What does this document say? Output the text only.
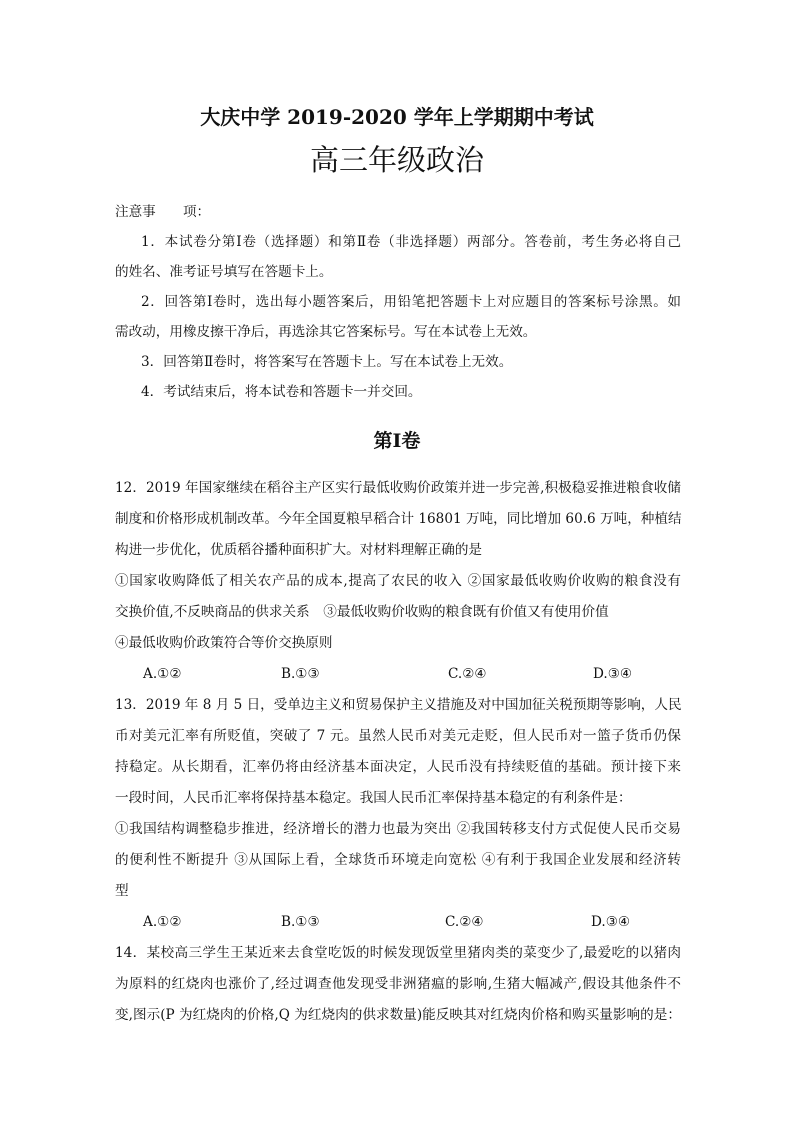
大庆中学 2019-2020 学年上学期期中考试
高三年级政治
注意事　　项：
1．本试卷分第Ⅰ卷（选择题）和第Ⅱ卷（非选择题）两部分。答卷前，考生务必将自己
的姓名、准考证号填写在答题卡上。
2．回答第Ⅰ卷时，选出每小题答案后，用铅笔把答题卡上对应题目的答案标号涂黑。如
需改动，用橡皮擦干净后，再选涂其它答案标号。写在本试卷上无效。
3．回答第Ⅱ卷时，将答案写在答题卡上。写在本试卷上无效。
4．考试结束后，将本试卷和答题卡一并交回。
第Ⅰ卷
12．2019 年国家继续在稻谷主产区实行最低收购价政策并进一步完善,积极稳妥推进粮食收储
制度和价格形成机制改革。今年全国夏粮早稻合计 16801 万吨，同比增加 60.6 万吨，种植结
构进一步优化，优质稻谷播种面积扩大。对材料理解正确的是
①国家收购降低了相关农产品的成本,提高了农民的收入 ②国家最低收购价收购的粮食没有
交换价值,不反映商品的供求关系　③最低收购价收购的粮食既有价值又有使用价值
④最低收购价政策符合等价交换原则
A.①②	B.①③	C.②④	D.③④
13．2019 年 8 月 5 日，受单边主义和贸易保护主义措施及对中国加征关税预期等影响，人民
币对美元汇率有所贬值，突破了 7 元。虽然人民币对美元走贬，但人民币对一篮子货币仍保
持稳定。从长期看，汇率仍将由经济基本面决定，人民币没有持续贬值的基础。预计接下来
一段时间，人民币汇率将保持基本稳定。我国人民币汇率保持基本稳定的有利条件是：
①我国结构调整稳步推进，经济增长的潜力也最为突出 ②我国转移支付方式促使人民币交易
的便利性不断提升 ③从国际上看，全球货币环境走向宽松 ④有利于我国企业发展和经济转
型
A.①②	B.①③	C.②④	D.③④
14．某校高三学生王某近来去食堂吃饭的时候发现饭堂里猪肉类的菜变少了,最爱吃的以猪肉
为原料的红烧肉也涨价了,经过调查他发现受非洲猪瘟的影响,生猪大幅减产,假设其他条件不
变,图示(P 为红烧肉的价格,Q 为红烧肉的供求数量)能反映其对红烧肉价格和购买量影响的是：
